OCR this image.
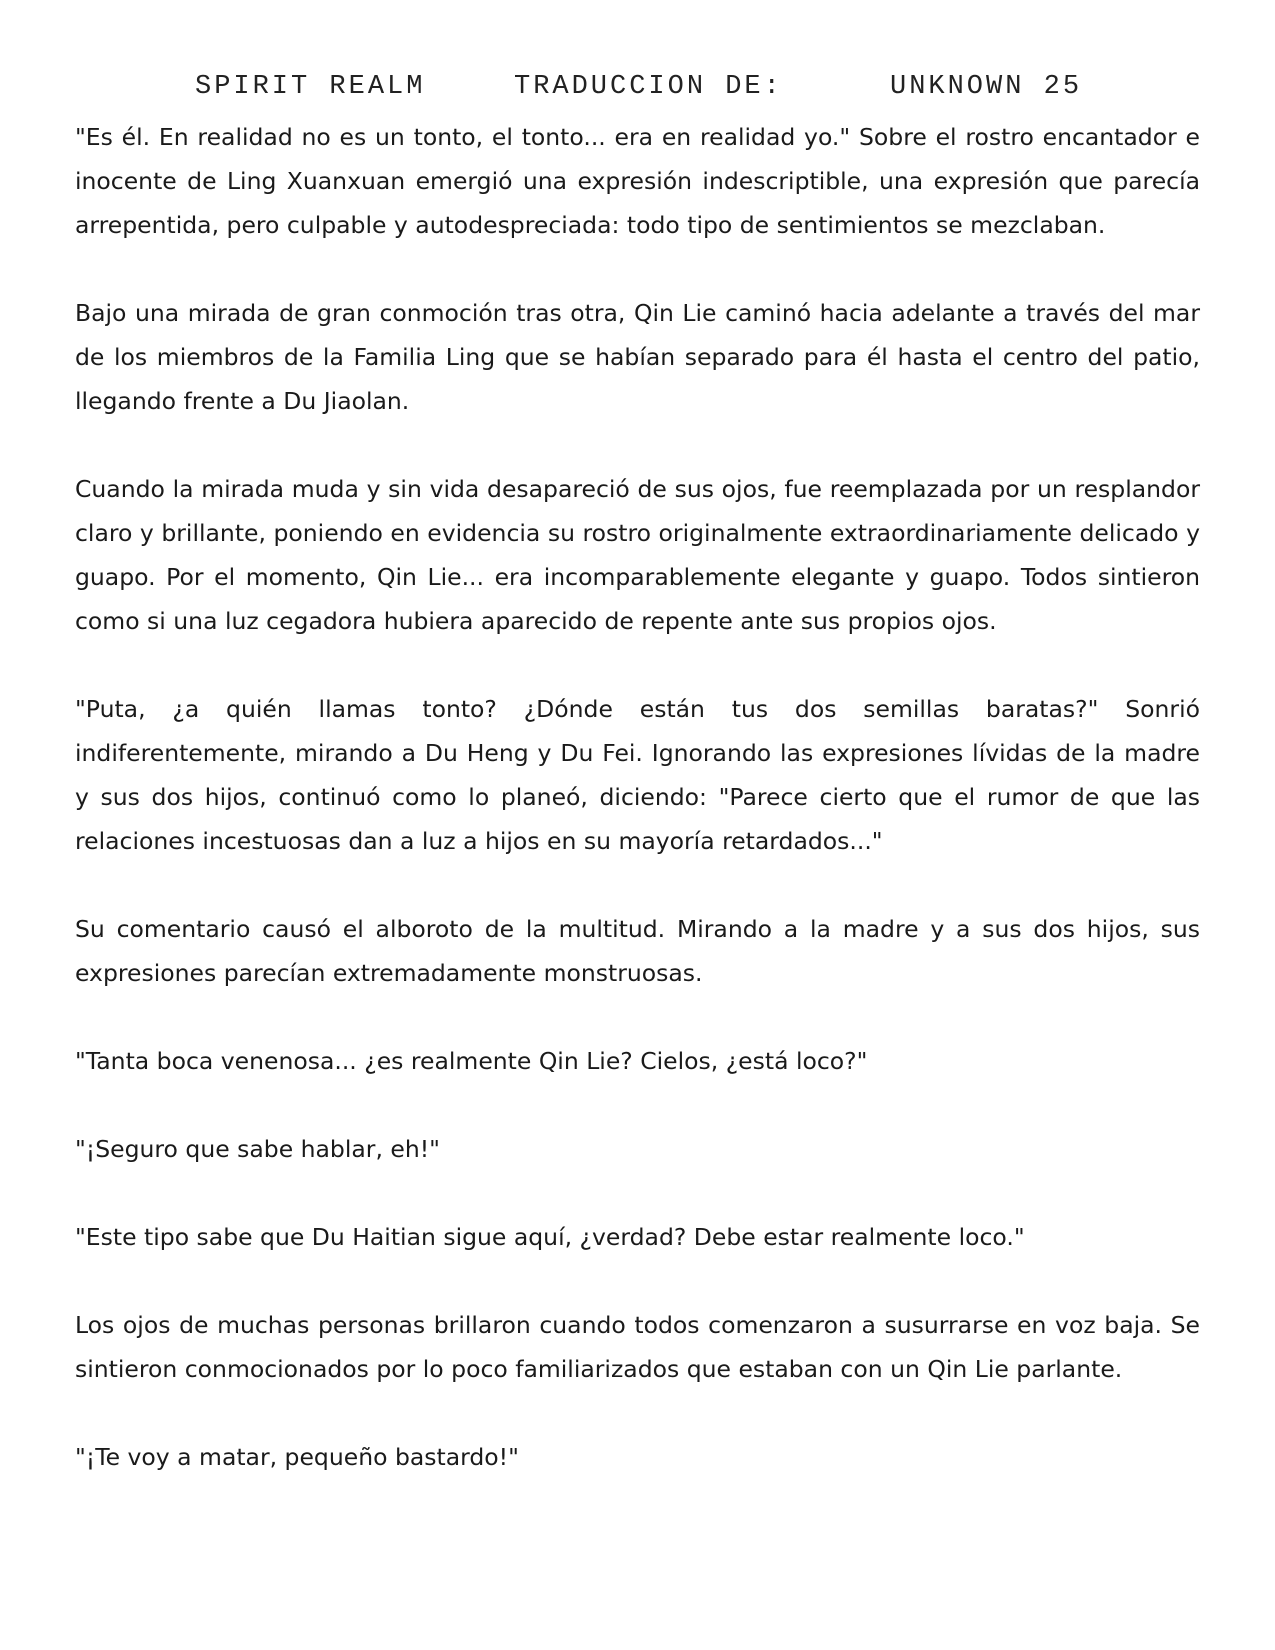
SPIRIT REALM	TRADUCCION DE:	UNKNOWN 25

"Es él. En realidad no es un tonto, el tonto... era en realidad yo." Sobre el rostro encantador e inocente de Ling Xuanxuan emergió una expresión indescriptible, una expresión que parecía arrepentida, pero culpable y autodespreciada: todo tipo de sentimientos se mezclaban.

Bajo una mirada de gran conmoción tras otra, Qin Lie caminó hacia adelante a través del mar de los miembros de la Familia Ling que se habían separado para él hasta el centro del patio, llegando frente a Du Jiaolan.

Cuando la mirada muda y sin vida desapareció de sus ojos, fue reemplazada por un resplandor claro y brillante, poniendo en evidencia su rostro originalmente extraordinariamente delicado y guapo. Por el momento, Qin Lie... era incomparablemente elegante y guapo. Todos sintieron como si una luz cegadora hubiera aparecido de repente ante sus propios ojos.

"Puta, ¿a quién llamas tonto? ¿Dónde están tus dos semillas baratas?" Sonrió indiferentemente, mirando a Du Heng y Du Fei. Ignorando las expresiones lívidas de la madre y sus dos hijos, continuó como lo planeó, diciendo: "Parece cierto que el rumor de que las relaciones incestuosas dan a luz a hijos en su mayoría retardados..."

Su comentario causó el alboroto de la multitud. Mirando a la madre y a sus dos hijos, sus expresiones parecían extremadamente monstruosas.

"Tanta boca venenosa... ¿es realmente Qin Lie? Cielos, ¿está loco?"

"¡Seguro que sabe hablar, eh!"

"Este tipo sabe que Du Haitian sigue aquí, ¿verdad? Debe estar realmente loco."

Los ojos de muchas personas brillaron cuando todos comenzaron a susurrarse en voz baja. Se sintieron conmocionados por lo poco familiarizados que estaban con un Qin Lie parlante.

"¡Te voy a matar, pequeño bastardo!"
